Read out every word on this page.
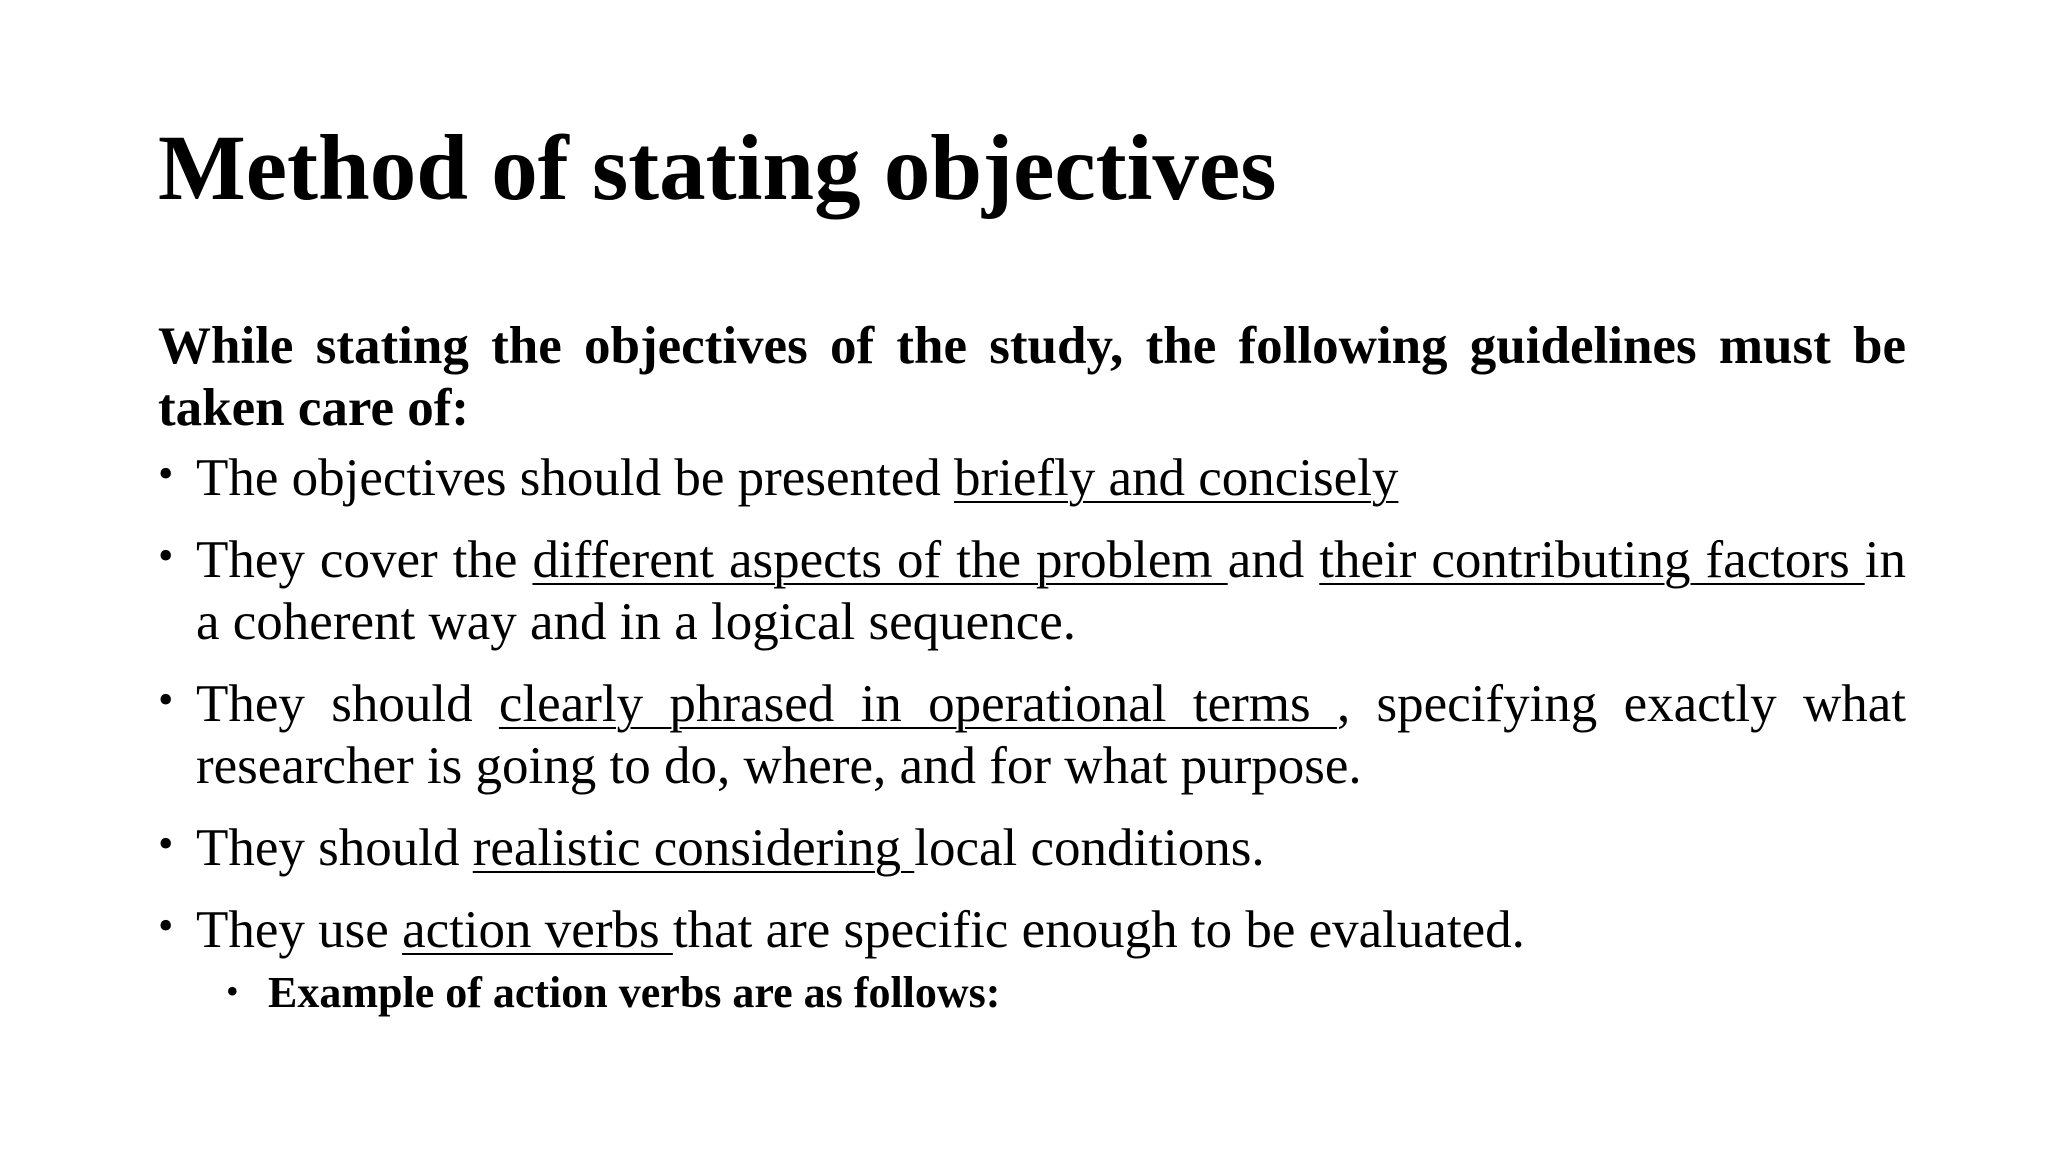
Method of stating objectives

While stating the objectives of the study, the following guidelines must be taken care of:

• The objectives should be presented briefly and concisely
• They cover the different aspects of the problem and their contributing factors in a coherent way and in a logical sequence.
• They should clearly phrased in operational terms , specifying exactly what researcher is going to do, where, and for what purpose.
• They should realistic considering local conditions.
• They use action verbs that are specific enough to be evaluated.
• Example of action verbs are as follows:
